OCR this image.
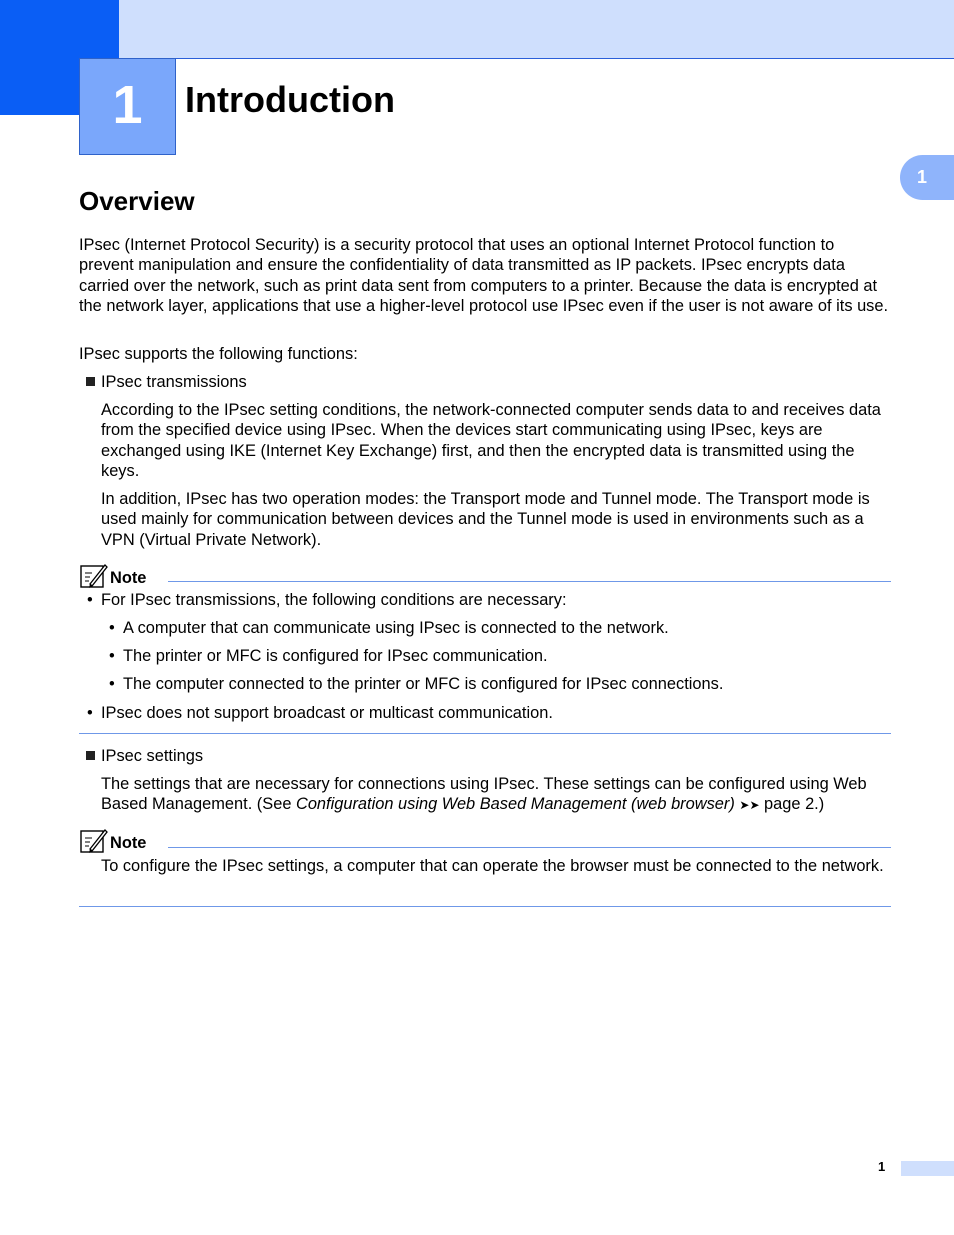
1	Introduction
1
Overview

IPsec (Internet Protocol Security) is a security protocol that uses an optional Internet Protocol function to prevent manipulation and ensure the confidentiality of data transmitted as IP packets. IPsec encrypts data carried over the network, such as print data sent from computers to a printer. Because the data is encrypted at the network layer, applications that use a higher-level protocol use IPsec even if the user is not aware of its use.

IPsec supports the following functions:

IPsec transmissions

According to the IPsec setting conditions, the network-connected computer sends data to and receives data from the specified device using IPsec. When the devices start communicating using IPsec, keys are exchanged using IKE (Internet Key Exchange) first, and then the encrypted data is transmitted using the keys.

In addition, IPsec has two operation modes: the Transport mode and Tunnel mode. The Transport mode is used mainly for communication between devices and the Tunnel mode is used in environments such as a VPN (Virtual Private Network).

Note
• For IPsec transmissions, the following conditions are necessary:

• A computer that can communicate using IPsec is connected to the network.

• The printer or MFC is configured for IPsec communication.

• The computer connected to the printer or MFC is configured for IPsec connections.

• IPsec does not support broadcast or multicast communication.

IPsec settings

The settings that are necessary for connections using IPsec. These settings can be configured using Web Based Management. (See Configuration using Web Based Management (web browser) ➤➤ page 2.)

Note

To configure the IPsec settings, a computer that can operate the browser must be connected to the network.

1
